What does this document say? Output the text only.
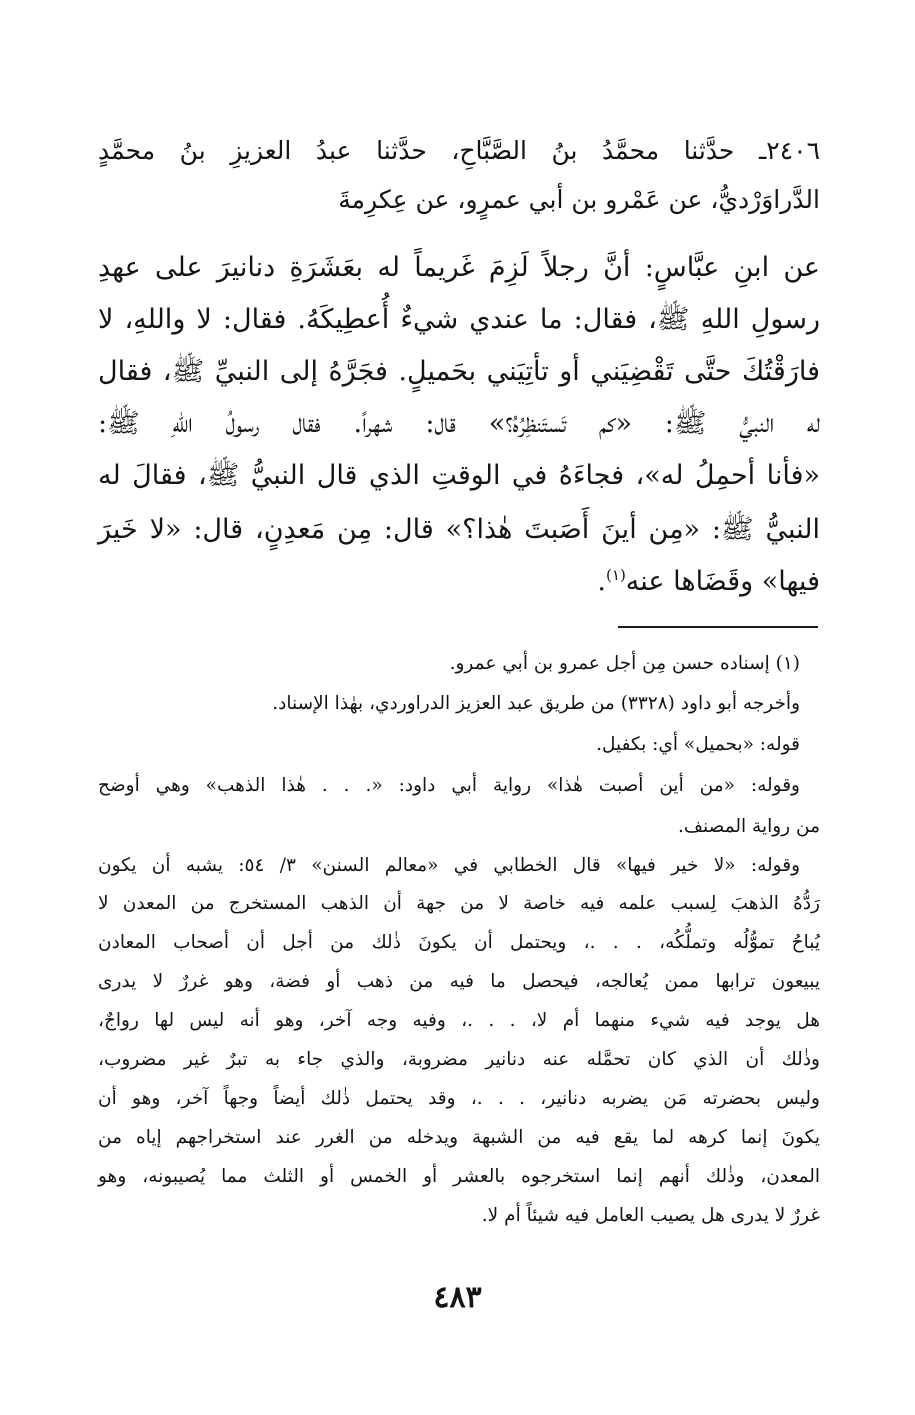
٢٤٠٦ـ حدَّثنا محمَّدُ بنُ الصَّبَّاحِ، حدَّثنا عبدُ العزيزِ بنُ محمَّدٍ
الدَّراوَرْديُّ، عن عَمْرو بن أبي عمرٍو، عن عِكرِمةَ
عن ابنِ عبَّاسٍ: أنَّ رجلاً لَزِمَ غَريماً له بعَشَرَةِ دنانيرَ على عهدِ
رسولِ اللهِ ﷺ، فقال: ما عندي شيءٌ أُعطِيكَهُ. فقال: لا واللهِ، لا
فارَقْتُكَ حتَّى تَقْضِيَني أو تأتِيَني بحَميلٍ. فجَرَّهُ إلى النبيِّ ﷺ، فقال
له النبيُّ ﷺ: «كم تَستَنظِرُهُ؟» قال: شهراً. فقال رسولُ اللهِ ﷺ:
«فأنا أحمِلُ له»، فجاءَهُ في الوقتِ الذي قال النبيُّ ﷺ، فقالَ له
النبيُّ ﷺ: «مِن أينَ أَصَبتَ هٰذا؟» قال: مِن مَعدِنٍ، قال: «لا خَيرَ
فيها» وقَضَاها عنه$^{(١)}$.
(١) إسناده حسن مِن أجل عمرو بن أبي عمرو.
وأخرجه أبو داود (٣٣٢٨) من طريق عبد العزيز الدراوردي، بهٰذا الإسناد.
قوله: «بحميل» أي: بكفيل.
وقوله: «من أين أصبت هٰذا» رواية أبي داود: «. . . هٰذا الذهب» وهي أوضح
من رواية المصنف.
وقوله: «لا خير فيها» قال الخطابي في «معالم السنن» ٣/ ٥٤: يشبه أن يكون
رَدُّهُ الذهبَ لِسبب علمه فيه خاصة لا من جهة أن الذهب المستخرج من المعدن لا
يُباحُ تموُّلُه وتملُّكُه، . . .، ويحتمل أن يكونَ ذٰلك من أجل أن أصحاب المعادن
يبيعون ترابها ممن يُعالجه، فيحصل ما فيه من ذهب أو فضة، وهو غررٌ لا يدرى
هل يوجد فيه شيء منهما أم لا، . . .، وفيه وجه آخر، وهو أنه ليس لها رواجٌ،
وذٰلك أن الذي كان تحمَّله عنه دنانير مضروبة، والذي جاء به تبرٌ غير مضروب،
وليس بحضرته مَن يضربه دنانير، . . .، وقد يحتمل ذٰلك أيضاً وجهاً آخر، وهو أن
يكونَ إنما كرهه لما يقع فيه من الشبهة ويدخله من الغرر عند استخراجهم إياه من
المعدن، وذٰلك أنهم إنما استخرجوه بالعشر أو الخمس أو الثلث مما يُصيبونه، وهو
غررٌ لا يدرى هل يصيب العامل فيه شيئاً أم لا.
٤٨٣
